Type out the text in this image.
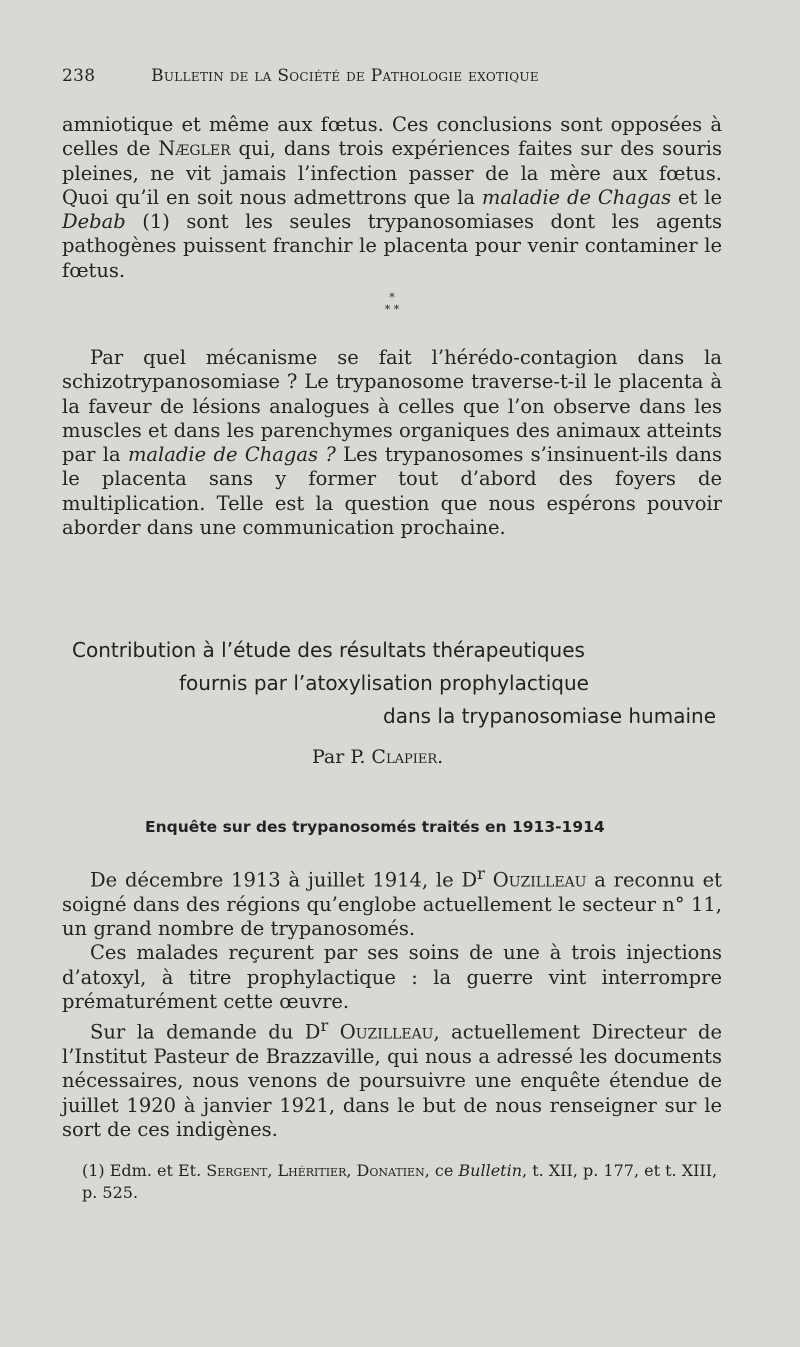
238	Bulletin de la Société de Pathologie exotique

amniotique et même aux fœtus. Ces conclusions sont opposées à celles de Nægler qui, dans trois expériences faites sur des souris pleines, ne vit jamais l’infection passer de la mère aux fœtus. Quoi qu’il en soit nous admettrons que la maladie de Chagas et le Debab (1) sont les seules trypanosomiases dont les agents pathogènes puissent franchir le placenta pour venir contaminer le fœtus.

*
* *

Par quel mécanisme se fait l’hérédo-contagion dans la schizotrypanosomiase ? Le trypanosome traverse-t-il le placenta à la faveur de lésions analogues à celles que l’on observe dans les muscles et dans les parenchymes organiques des animaux atteints par la maladie de Chagas ? Les trypanosomes s’insinuent-ils dans le placenta sans y former tout d’abord des foyers de multiplication. Telle est la question que nous espérons pouvoir aborder dans une communication prochaine.

Contribution à l’étude des résultats thérapeutiques
fournis par l’atoxylisation prophylactique
dans la trypanosomiase humaine
Par P. Clapier.
Enquête sur des trypanosomés traités en 1913-1914

De décembre 1913 à juillet 1914, le $D^r$ Ouzilleau a reconnu et soigné dans des régions qu’englobe actuellement le secteur n° 11, un grand nombre de trypanosomés.

Ces malades reçurent par ses soins de une à trois injections d’atoxyl, à titre prophylactique : la guerre vint interrompre prématurément cette œuvre.

Sur la demande du $D^r$ Ouzilleau, actuellement Directeur de l’Institut Pasteur de Brazzaville, qui nous a adressé les documents nécessaires, nous venons de poursuivre une enquête étendue de juillet 1920 à janvier 1921, dans le but de nous renseigner sur le sort de ces indigènes.

(1) Edm. et Et. Sergent, Lhéritier, Donatien, ce Bulletin, t. XII, p. 177, et t. XIII, p. 525.
